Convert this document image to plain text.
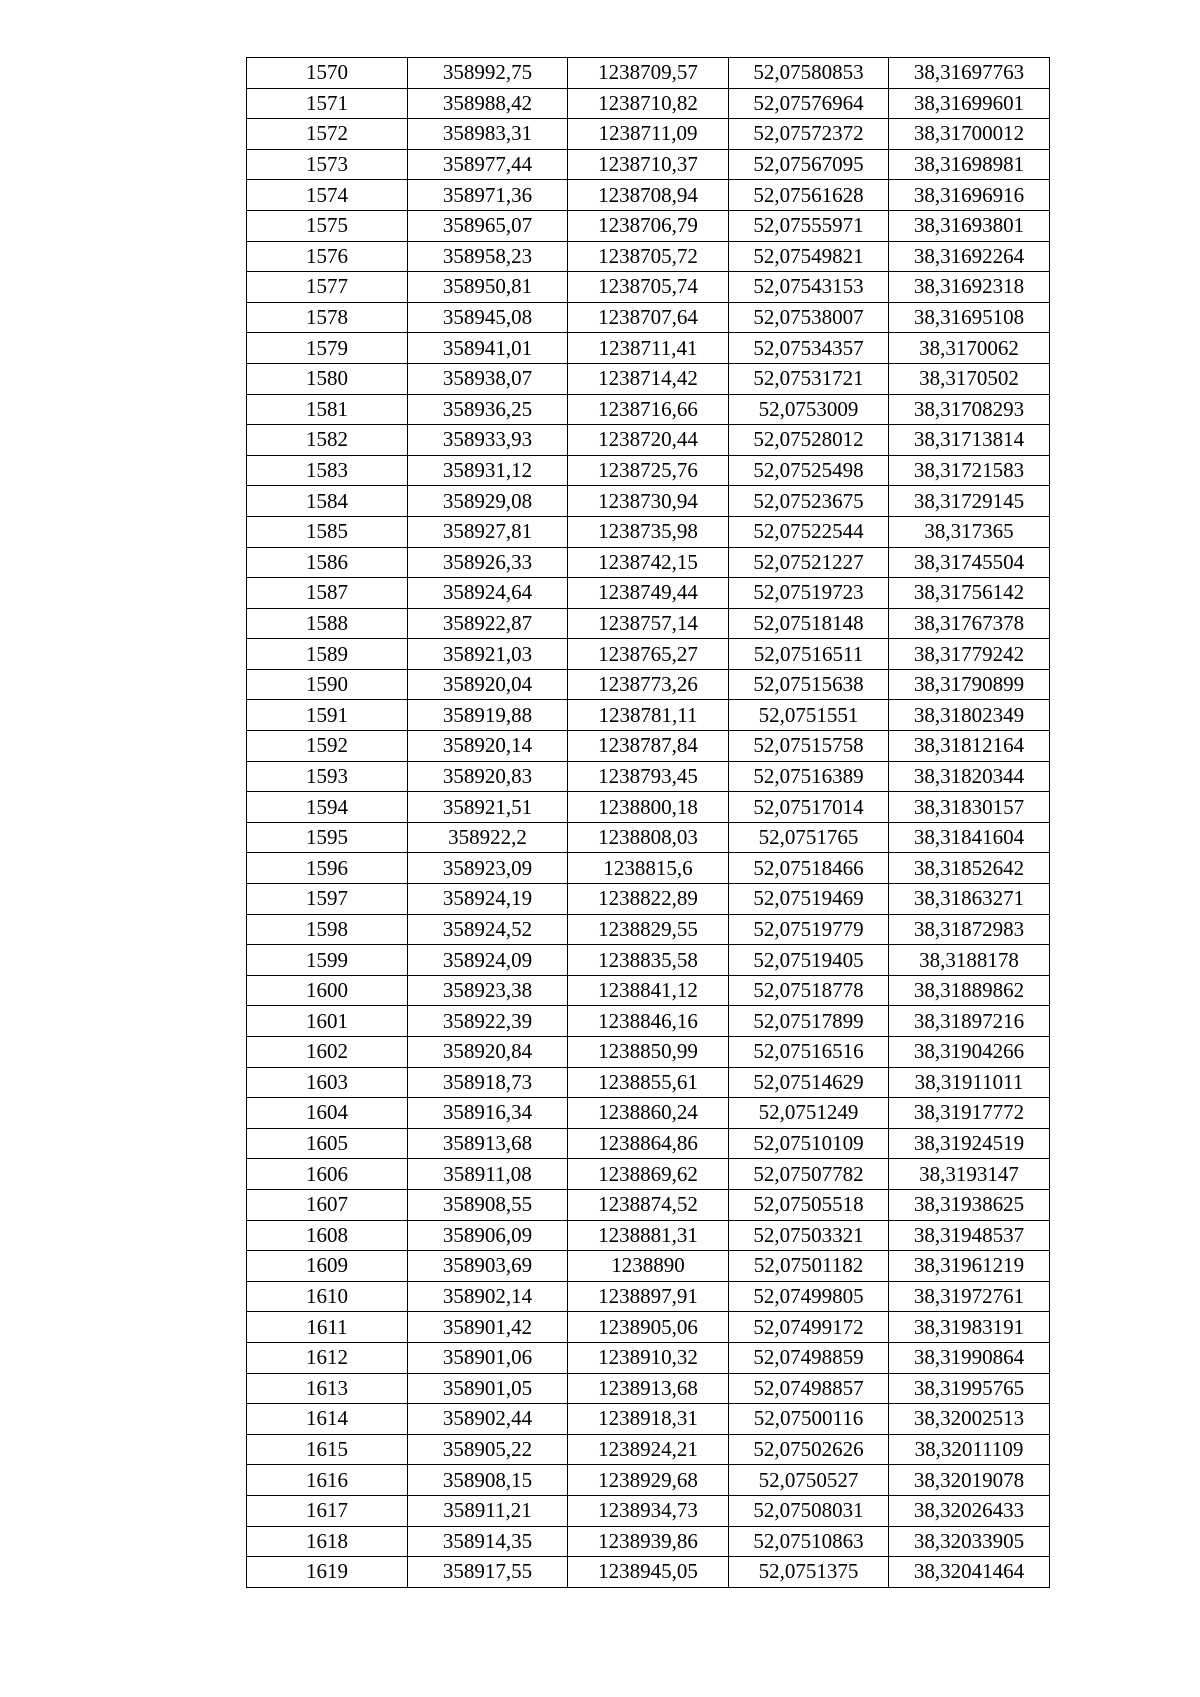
1570	358992,75	1238709,57	52,07580853	38,31697763
1571	358988,42	1238710,82	52,07576964	38,31699601
1572	358983,31	1238711,09	52,07572372	38,31700012
1573	358977,44	1238710,37	52,07567095	38,31698981
1574	358971,36	1238708,94	52,07561628	38,31696916
1575	358965,07	1238706,79	52,07555971	38,31693801
1576	358958,23	1238705,72	52,07549821	38,31692264
1577	358950,81	1238705,74	52,07543153	38,31692318
1578	358945,08	1238707,64	52,07538007	38,31695108
1579	358941,01	1238711,41	52,07534357	38,3170062
1580	358938,07	1238714,42	52,07531721	38,3170502
1581	358936,25	1238716,66	52,0753009	38,31708293
1582	358933,93	1238720,44	52,07528012	38,31713814
1583	358931,12	1238725,76	52,07525498	38,31721583
1584	358929,08	1238730,94	52,07523675	38,31729145
1585	358927,81	1238735,98	52,07522544	38,317365
1586	358926,33	1238742,15	52,07521227	38,31745504
1587	358924,64	1238749,44	52,07519723	38,31756142
1588	358922,87	1238757,14	52,07518148	38,31767378
1589	358921,03	1238765,27	52,07516511	38,31779242
1590	358920,04	1238773,26	52,07515638	38,31790899
1591	358919,88	1238781,11	52,0751551	38,31802349
1592	358920,14	1238787,84	52,07515758	38,31812164
1593	358920,83	1238793,45	52,07516389	38,31820344
1594	358921,51	1238800,18	52,07517014	38,31830157
1595	358922,2	1238808,03	52,0751765	38,31841604
1596	358923,09	1238815,6	52,07518466	38,31852642
1597	358924,19	1238822,89	52,07519469	38,31863271
1598	358924,52	1238829,55	52,07519779	38,31872983
1599	358924,09	1238835,58	52,07519405	38,3188178
1600	358923,38	1238841,12	52,07518778	38,31889862
1601	358922,39	1238846,16	52,07517899	38,31897216
1602	358920,84	1238850,99	52,07516516	38,31904266
1603	358918,73	1238855,61	52,07514629	38,31911011
1604	358916,34	1238860,24	52,0751249	38,31917772
1605	358913,68	1238864,86	52,07510109	38,31924519
1606	358911,08	1238869,62	52,07507782	38,3193147
1607	358908,55	1238874,52	52,07505518	38,31938625
1608	358906,09	1238881,31	52,07503321	38,31948537
1609	358903,69	1238890	52,07501182	38,31961219
1610	358902,14	1238897,91	52,07499805	38,31972761
1611	358901,42	1238905,06	52,07499172	38,31983191
1612	358901,06	1238910,32	52,07498859	38,31990864
1613	358901,05	1238913,68	52,07498857	38,31995765
1614	358902,44	1238918,31	52,07500116	38,32002513
1615	358905,22	1238924,21	52,07502626	38,32011109
1616	358908,15	1238929,68	52,0750527	38,32019078
1617	358911,21	1238934,73	52,07508031	38,32026433
1618	358914,35	1238939,86	52,07510863	38,32033905
1619	358917,55	1238945,05	52,0751375	38,32041464
